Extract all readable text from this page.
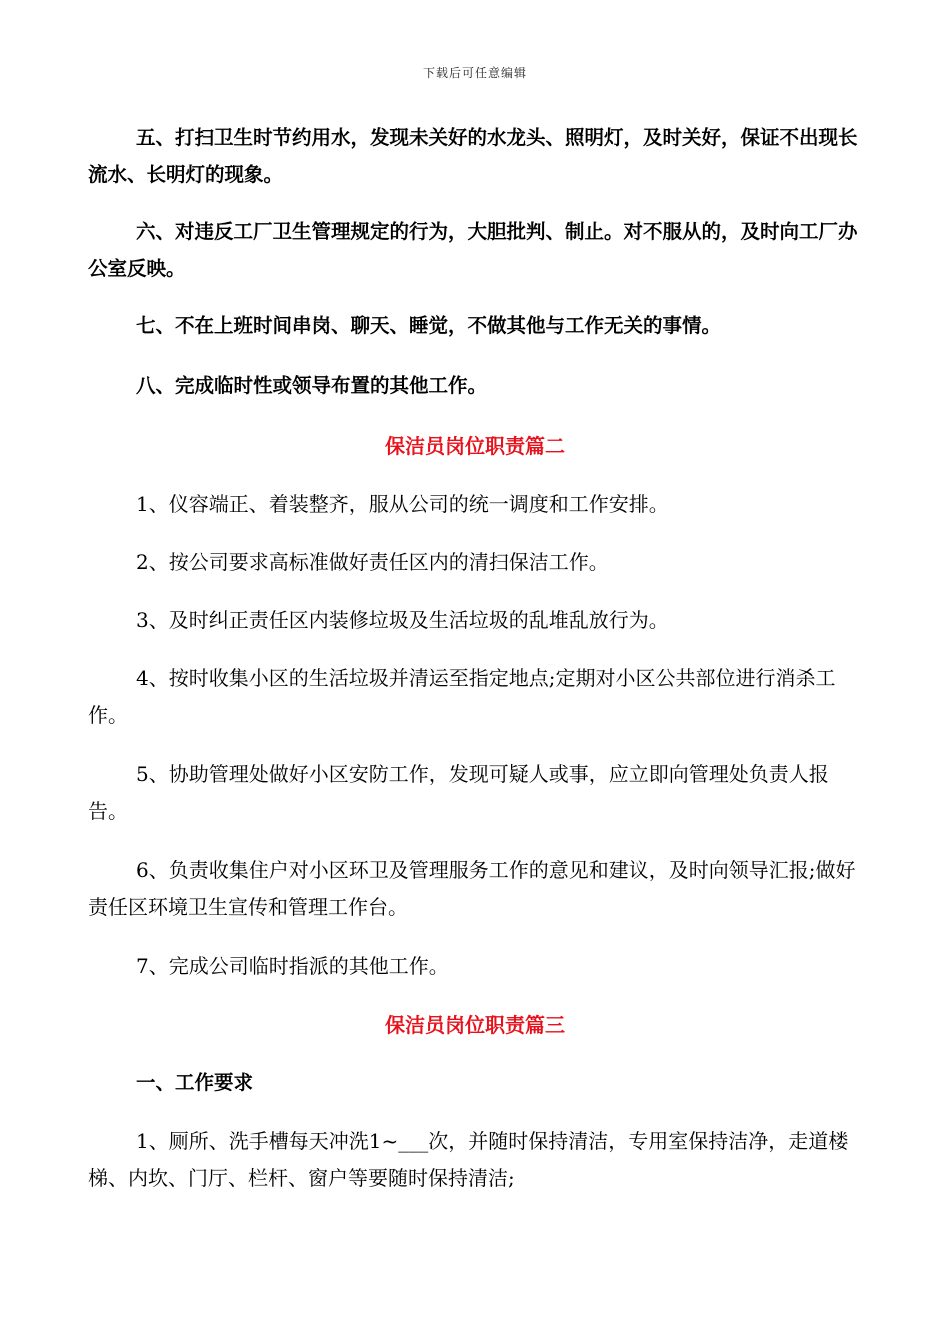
下载后可任意编辑

五、打扫卫生时节约用水，发现未关好的水龙头、照明灯，及时关好，保证不出现长流水、长明灯的现象。

六、对违反工厂卫生管理规定的行为，大胆批判、制止。对不服从的，及时向工厂办公室反映。

七、不在上班时间串岗、聊天、睡觉，不做其他与工作无关的事情。

八、完成临时性或领导布置的其他工作。

保洁员岗位职责篇二

1、仪容端正、着装整齐，服从公司的统一调度和工作安排。

2、按公司要求高标准做好责任区内的清扫保洁工作。

3、及时纠正责任区内装修垃圾及生活垃圾的乱堆乱放行为。

4、按时收集小区的生活垃圾并清运至指定地点;定期对小区公共部位进行消杀工作。

5、协助管理处做好小区安防工作，发现可疑人或事，应立即向管理处负责人报告。

6、负责收集住户对小区环卫及管理服务工作的意见和建议，及时向领导汇报;做好责任区环境卫生宣传和管理工作台。

7、完成公司临时指派的其他工作。

保洁员岗位职责篇三

一、工作要求

1、厕所、洗手槽每天冲洗1~___次，并随时保持清洁，专用室保持洁净，走道楼梯、内坎、门厅、栏杆、窗户等要随时保持清洁;
